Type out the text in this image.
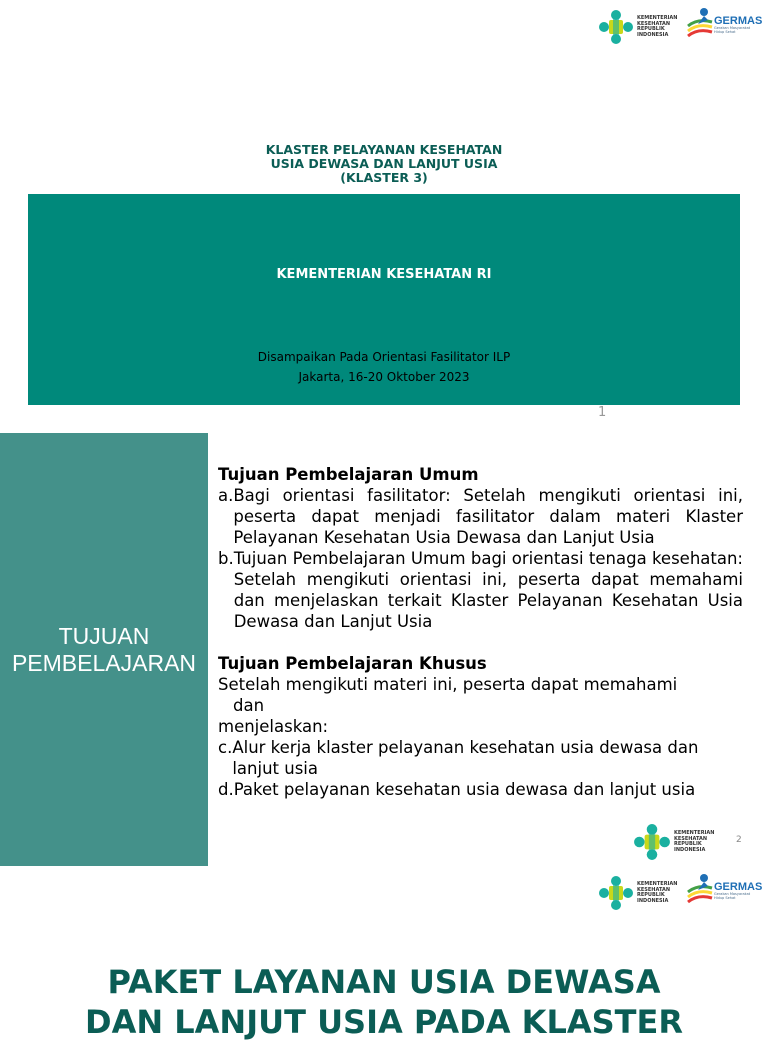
KEMENTERIAN
KESEHATAN
REPUBLIK
INDONESIA
GERMAS
Gerakan Masyarakat
Hidup Sehat
KLASTER PELAYANAN KESEHATAN
USIA DEWASA DAN LANJUT USIA
(KLASTER 3)
KEMENTERIAN KESEHATAN RI
Disampaikan Pada Orientasi Fasilitator ILP
Jakarta, 16-20 Oktober 2023
1
TUJUAN
PEMBELAJARAN
Tujuan Pembelajaran Umum
a. Bagi orientasi fasilitator: Setelah mengikuti orientasi ini, peserta dapat menjadi fasilitator dalam materi Klaster Pelayanan Kesehatan Usia Dewasa dan Lanjut Usia
b. Tujuan Pembelajaran Umum bagi orientasi tenaga kesehatan: Setelah mengikuti orientasi ini, peserta dapat memahami dan menjelaskan terkait Klaster Pelayanan Kesehatan Usia Dewasa dan Lanjut Usia
Tujuan Pembelajaran Khusus
Setelah mengikuti materi ini, peserta dapat memahami
dan
menjelaskan:
c. Alur kerja klaster pelayanan kesehatan usia dewasa dan lanjut usia
d. Paket pelayanan kesehatan usia dewasa dan lanjut usia
KEMENTERIAN
KESEHATAN
REPUBLIK
INDONESIA
2
KEMENTERIAN
KESEHATAN
REPUBLIK
INDONESIA
GERMAS
Gerakan Masyarakat
Hidup Sehat
PAKET LAYANAN USIA DEWASA
DAN LANJUT USIA PADA KLASTER
